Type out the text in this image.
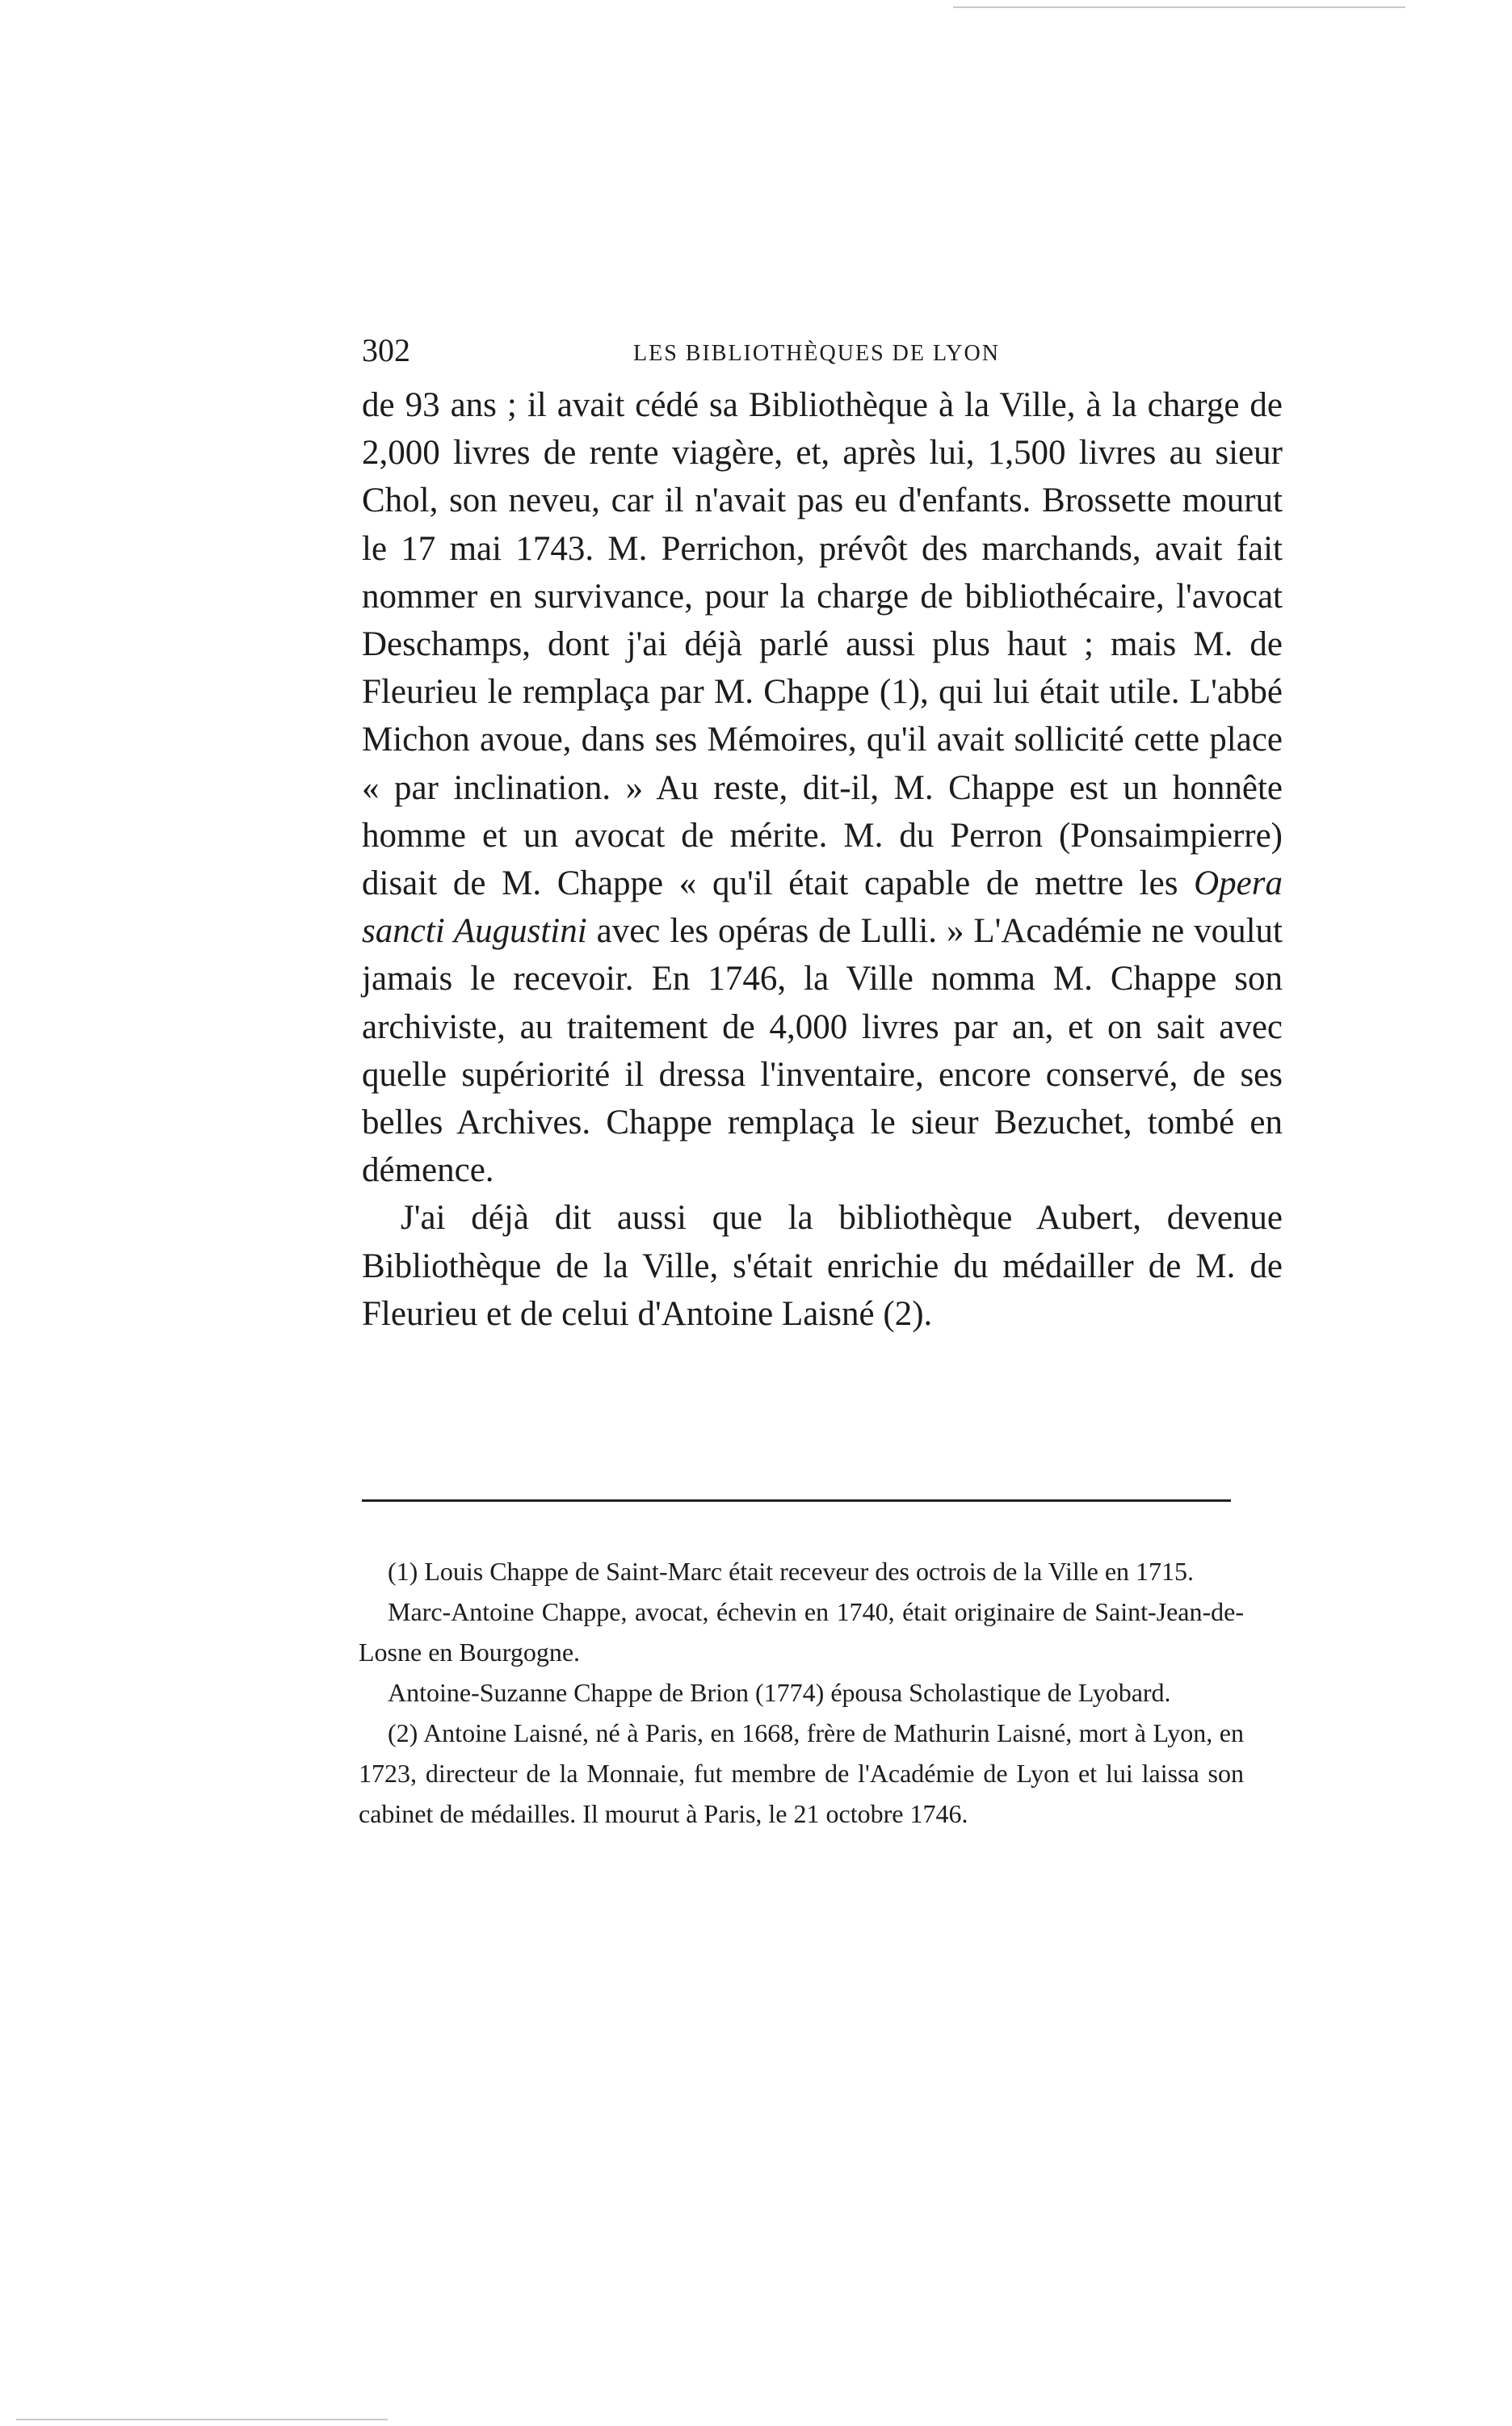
302	LES BIBLIOTHÈQUES DE LYON

de 93 ans ; il avait cédé sa Bibliothèque à la Ville, à la charge de 2,000 livres de rente viagère, et, après lui, 1,500 livres au sieur Chol, son neveu, car il n'avait pas eu d'enfants. Brossette mourut le 17 mai 1743. M. Perrichon, prévôt des marchands, avait fait nommer en survivance, pour la charge de bibliothécaire, l'avocat Deschamps, dont j'ai déjà parlé aussi plus haut ; mais M. de Fleurieu le remplaça par M. Chappe (1), qui lui était utile. L'abbé Michon avoue, dans ses Mémoires, qu'il avait sollicité cette place « par inclination. » Au reste, dit-il, M. Chappe est un honnête homme et un avocat de mérite. M. du Perron (Ponsaimpierre) disait de M. Chappe « qu'il était capable de mettre les Opera sancti Augustini avec les opéras de Lulli. » L'Académie ne voulut jamais le recevoir. En 1746, la Ville nomma M. Chappe son archiviste, au traitement de 4,000 livres par an, et on sait avec quelle supériorité il dressa l'inventaire, encore conservé, de ses belles Archives. Chappe remplaça le sieur Bezuchet, tombé en démence.

J'ai déjà dit aussi que la bibliothèque Aubert, devenue Bibliothèque de la Ville, s'était enrichie du médailler de M. de Fleurieu et de celui d'Antoine Laisné (2).

(1) Louis Chappe de Saint-Marc était receveur des octrois de la Ville en 1715.

Marc-Antoine Chappe, avocat, échevin en 1740, était originaire de Saint-Jean-de-Losne en Bourgogne.

Antoine-Suzanne Chappe de Brion (1774) épousa Scholastique de Lyobard.

(2) Antoine Laisné, né à Paris, en 1668, frère de Mathurin Laisné, mort à Lyon, en 1723, directeur de la Monnaie, fut membre de l'Académie de Lyon et lui laissa son cabinet de médailles. Il mourut à Paris, le 21 octobre 1746.
